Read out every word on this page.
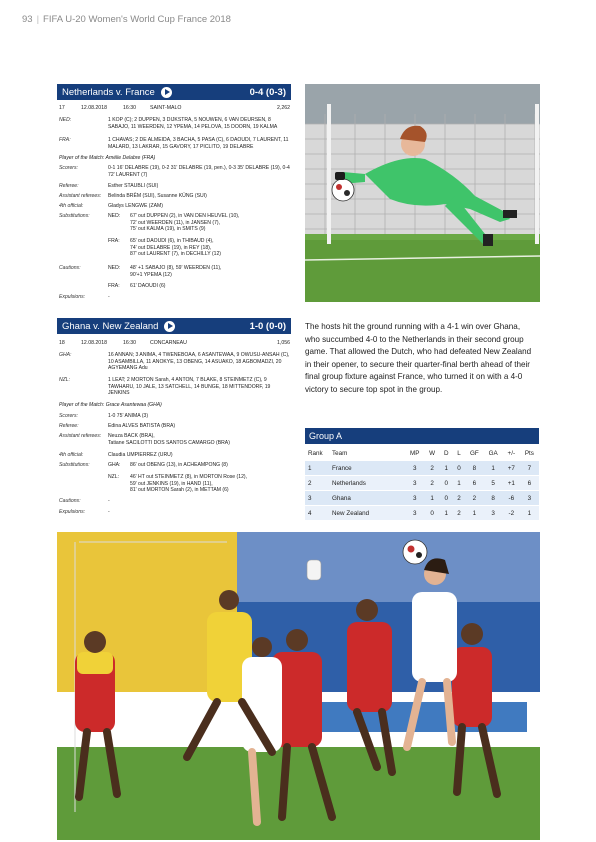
93 | FIFA U-20 Women's World Cup France 2018
Netherlands v. France	0-4 (0-3)
17	12.08.2018	16:30	SAINT-MALO	2,262
NED:	1 KOP (C); 2 DUPPEN, 3 DIJKSTRA, 5 NOUWEN, 6 VAN DEURSEN, 8 SABAJO, 11 WEERDEN, 12 YPEMA, 14 PELOVA, 15 DOORN, 19 KALMA
FRA:	1 CHAVAS; 2 DE ALMEIDA, 3 BACHA, 5 PASA (C), 6 DAOUDI, 7 LAURENT, 11 MALARD, 13 LAKRAR, 15 GAVORY, 17 PICLITO, 19 DELABRE
Player of the Match: Amélie Delabre (FRA)
Scorers:	0-1 16' DELABRE (19), 0-2 31' DELABRE (19, pen.), 0-3 35' DELABRE (19), 0-4 72' LAURENT (7)
Referee:	Esther STAUBLI (SUI)
Assistant referees:	Belinda BRÊM (SUI), Susanne KÜNG (SUI)
4th official:	Gladys LENGWE (ZAM)
Substitutions:	NED:	67' out DUPPEN (2), in VAN DEN HEUVEL (10),
72' out WEERDEN (11), in JANSEN (7),
75' out KALMA (19), in SMITS (9)
FRA:	65' out DAOUDI (6), in THIBAUD (4),
74' out DELABRE (19), in REY (18),
87' out LAURENT (7), in DECHILLY (12)
Cautions:	NED:	48' +1 SABAJO (8), 59' WEERDEN (11),
90'+1 YPEMA (12)
FRA:	61' DAOUDI (6)
Expulsions:	-
Ghana v. New Zealand	1-0 (0-0)
18	12.08.2018	16:30	CONCARNEAU	1,056
GHA:	16 ANNAN; 3 ANIMA, 4 TWENEBOAA, 6 ASANTEWAA, 9 OWUSU-ANSAH (C), 10 ASAMBILLA, 11 ANOKYE, 13 OBENG, 14 ASUAKO, 18 AGBOMADZI, 20 AGYEMANG Adu
NZL:	1 LEAT; 2 MORTON Sarah, 4 ANTON, 7 BLAKE, 8 STEINMETZ (C), 9 TAWHARU, 10 JALE, 13 SATCHELL, 14 BUNGE, 18 MITTENDORF, 19 JENKINS
Player of the Match: Grace Asantewaa (GHA)
Scorers:	1-0 75' ANIMA (3)
Referee:	Edina ALVES BATISTA (BRA)
Assistant referees:	Neuza BACK (BRA),
Tatiane SACILOTTI DOS SANTOS CAMARGO (BRA)
4th official:	Claudia UMPIERREZ (URU)
Substitutions:	GHA:	86' out OBENG (13), in ACHEAMPONG (8)
NZL:	46' HT out STEINMETZ (8), in MORTON Rose (12),
59' out JENKINS (19), in HAND (11),
81' out MORTON Sarah (2), in METTAM (6)
Cautions:	-
Expulsions:	-
The hosts hit the ground running with a 4-1 win over Ghana, who succumbed 4-0 to the Netherlands in their second group game. That allowed the Dutch, who had defeated New Zealand in their opener, to secure their quarter-final berth ahead of their final group fixture against France, who turned it on with a 4-0 victory to secure top spot in the group.
Group A
Rank	Team	MP	W	D	L	GF	GA	+/-	Pts
1	France	3	2	1	0	8	1	+7	7
2	Netherlands	3	2	0	1	6	5	+1	6
3	Ghana	3	1	0	2	2	8	-6	3
4	New Zealand	3	0	1	2	1	3	-2	1
